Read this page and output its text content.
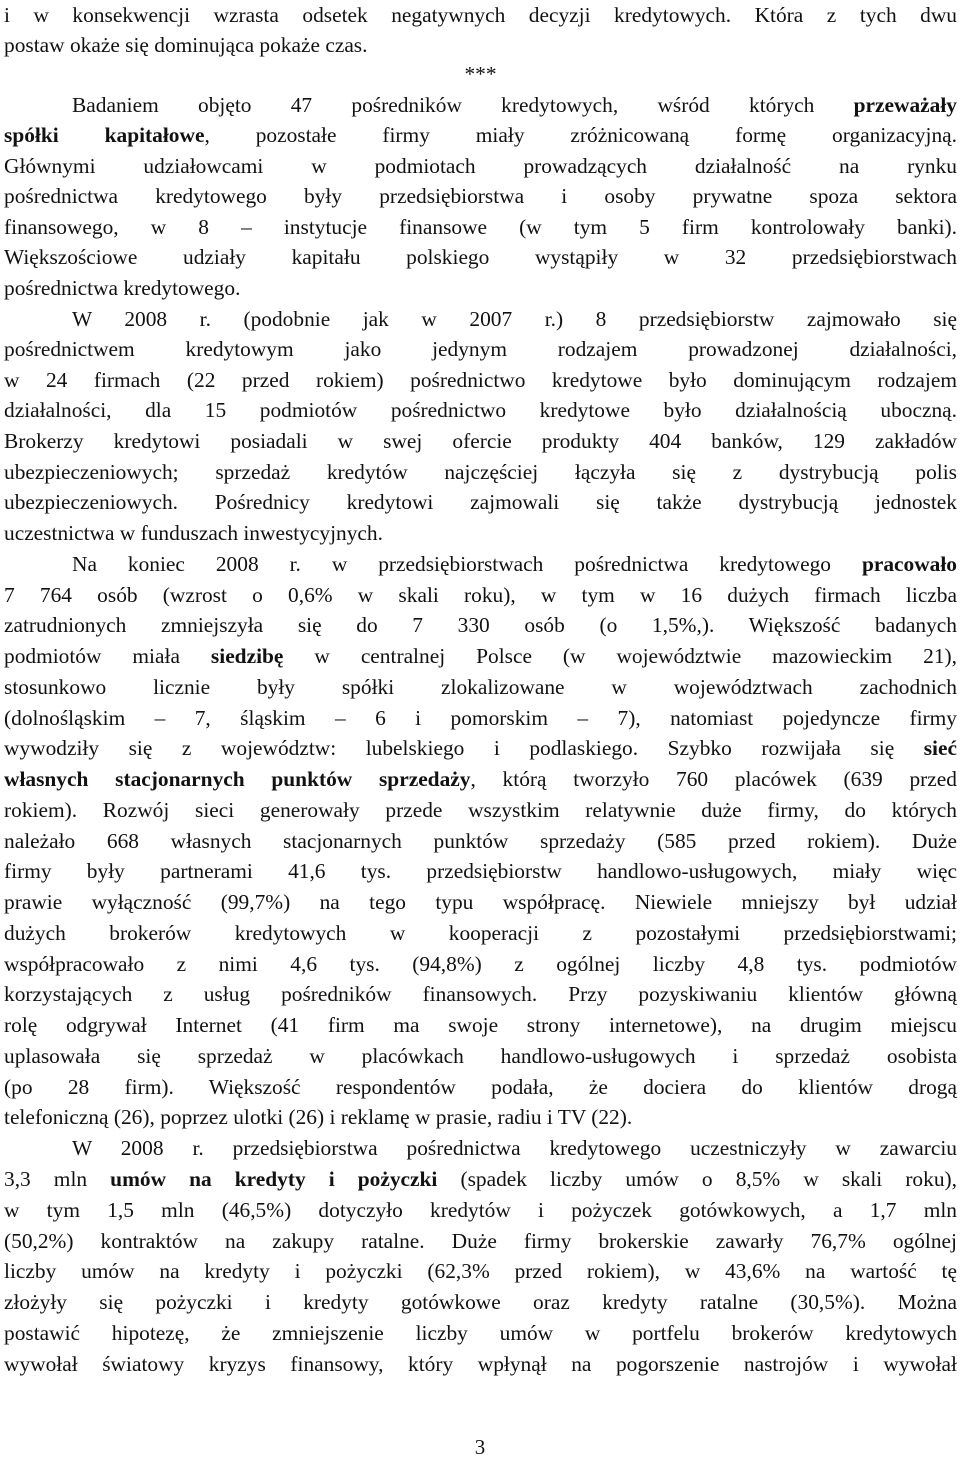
i w konsekwencji wzrasta odsetek negatywnych decyzji kredytowych. Która z tych dwu
postaw okaże się dominująca pokaże czas.
***
Badaniem objęto 47 pośredników kredytowych, wśród których przeważały
spółki kapitałowe, pozostałe firmy miały zróżnicowaną formę organizacyjną.
Głównymi udziałowcami w podmiotach prowadzących działalność na rynku
pośrednictwa kredytowego były przedsiębiorstwa i osoby prywatne spoza sektora
finansowego, w 8 – instytucje finansowe (w tym 5 firm kontrolowały banki).
Większościowe udziały kapitału polskiego wystąpiły w 32 przedsiębiorstwach
pośrednictwa kredytowego.
W 2008 r. (podobnie jak w 2007 r.) 8 przedsiębiorstw zajmowało się
pośrednictwem kredytowym jako jedynym rodzajem prowadzonej działalności,
w 24 firmach (22 przed rokiem) pośrednictwo kredytowe było dominującym rodzajem
działalności, dla 15 podmiotów pośrednictwo kredytowe było działalnością uboczną.
Brokerzy kredytowi posiadali w swej ofercie produkty 404 banków, 129 zakładów
ubezpieczeniowych; sprzedaż kredytów najczęściej łączyła się z dystrybucją polis
ubezpieczeniowych. Pośrednicy kredytowi zajmowali się także dystrybucją jednostek
uczestnictwa w funduszach inwestycyjnych.
Na koniec 2008 r. w przedsiębiorstwach pośrednictwa kredytowego pracowało
7 764 osób (wzrost o 0,6% w skali roku), w tym w 16 dużych firmach liczba
zatrudnionych zmniejszyła się do 7 330 osób (o 1,5%,). Większość badanych
podmiotów miała siedzibę w centralnej Polsce (w województwie mazowieckim 21),
stosunkowo licznie były spółki zlokalizowane w województwach zachodnich
(dolnośląskim – 7, śląskim – 6 i pomorskim – 7), natomiast pojedyncze firmy
wywodziły się z województw: lubelskiego i podlaskiego. Szybko rozwijała się sieć
własnych stacjonarnych punktów sprzedaży, którą tworzyło 760 placówek (639 przed
rokiem). Rozwój sieci generowały przede wszystkim relatywnie duże firmy, do których
należało 668 własnych stacjonarnych punktów sprzedaży (585 przed rokiem). Duże
firmy były partnerami 41,6 tys. przedsiębiorstw handlowo-usługowych, miały więc
prawie wyłączność (99,7%) na tego typu współpracę. Niewiele mniejszy był udział
dużych brokerów kredytowych w kooperacji z pozostałymi przedsiębiorstwami;
współpracowało z nimi 4,6 tys. (94,8%) z ogólnej liczby 4,8 tys. podmiotów
korzystających z usług pośredników finansowych. Przy pozyskiwaniu klientów główną
rolę odgrywał Internet (41 firm ma swoje strony internetowe), na drugim miejscu
uplasowała się sprzedaż w placówkach handlowo-usługowych i sprzedaż osobista
(po 28 firm). Większość respondentów podała, że dociera do klientów drogą
telefoniczną (26), poprzez ulotki (26) i reklamę w prasie, radiu i TV (22).
W 2008 r. przedsiębiorstwa pośrednictwa kredytowego uczestniczyły w zawarciu
3,3 mln umów na kredyty i pożyczki (spadek liczby umów o 8,5% w skali roku),
w tym 1,5 mln (46,5%) dotyczyło kredytów i pożyczek gotówkowych, a 1,7 mln
(50,2%) kontraktów na zakupy ratalne. Duże firmy brokerskie zawarły 76,7% ogólnej
liczby umów na kredyty i pożyczki (62,3% przed rokiem), w 43,6% na wartość tę
złożyły się pożyczki i kredyty gotówkowe oraz kredyty ratalne (30,5%). Można
postawić hipotezę, że zmniejszenie liczby umów w portfelu brokerów kredytowych
wywołał światowy kryzys finansowy, który wpłynął na pogorszenie nastrojów i wywołał
3
